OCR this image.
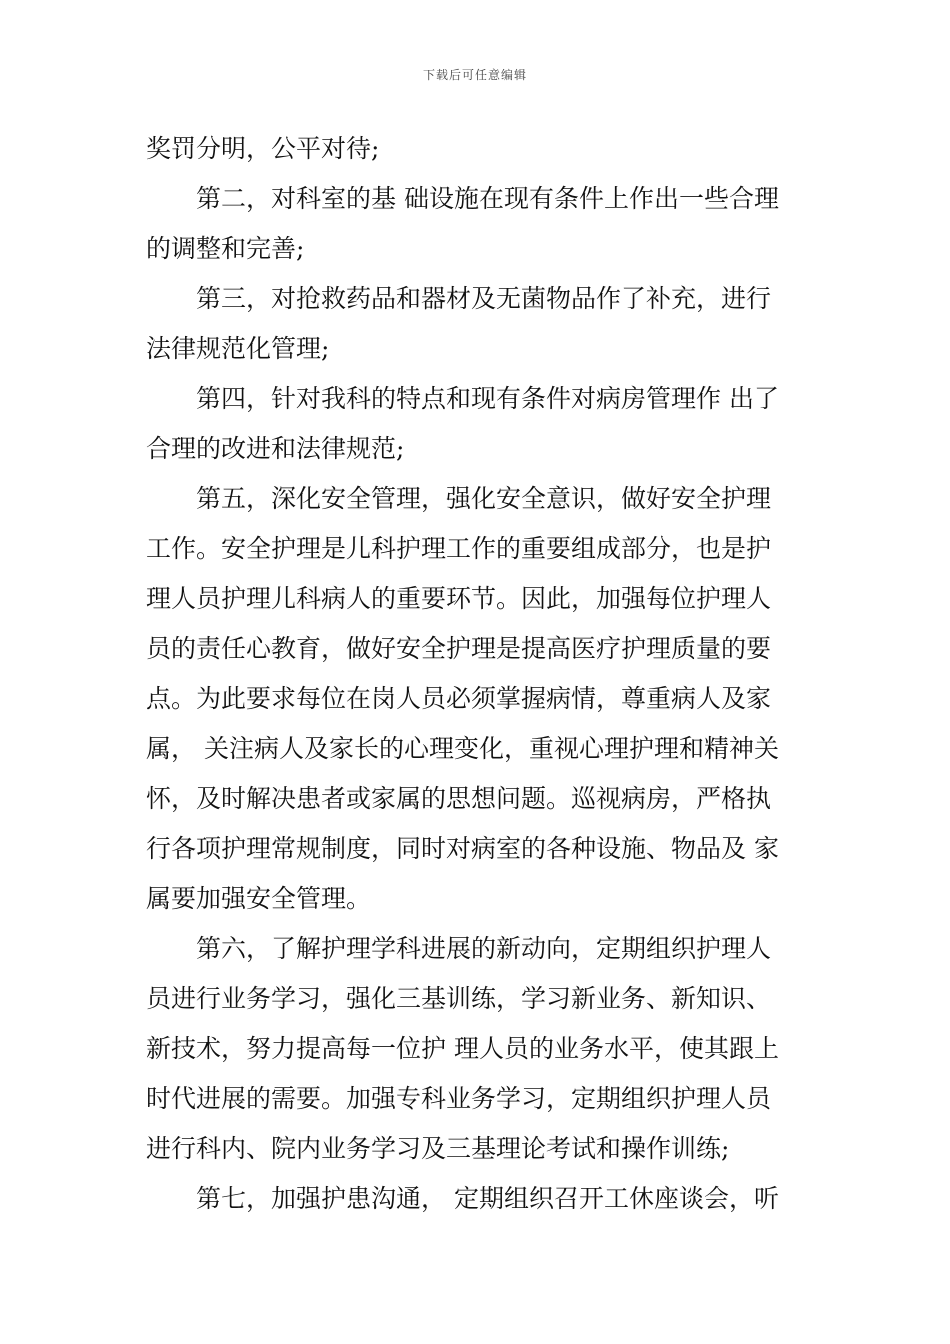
下载后可任意编辑
奖罚分明，公平对待;
第二，对科室的基 础设施在现有条件上作出一些合理
的调整和完善;
第三，对抢救药品和器材及无菌物品作了补充，进行
法律规范化管理;
第四，针对我科的特点和现有条件对病房管理作 出了
合理的改进和法律规范;
第五，深化安全管理，强化安全意识，做好安全护理
工作。安全护理是儿科护理工作的重要组成部分，也是护
理人员护理儿科病人的重要环节。因此，加强每位护理人
员的责任心教育，做好安全护理是提高医疗护理质量的要
点。为此要求每位在岗人员必须掌握病情，尊重病人及家
属， 关注病人及家长的心理变化，重视心理护理和精神关
怀，及时解决患者或家属的思想问题。巡视病房，严格执
行各项护理常规制度，同时对病室的各种设施、物品及 家
属要加强安全管理。
第六，了解护理学科进展的新动向，定期组织护理人
员进行业务学习，强化三基训练，学习新业务、新知识、
新技术，努力提高每一位护 理人员的业务水平，使其跟上
时代进展的需要。加强专科业务学习，定期组织护理人员
进行科内、院内业务学习及三基理论考试和操作训练;
第七，加强护患沟通， 定期组织召开工休座谈会，听
